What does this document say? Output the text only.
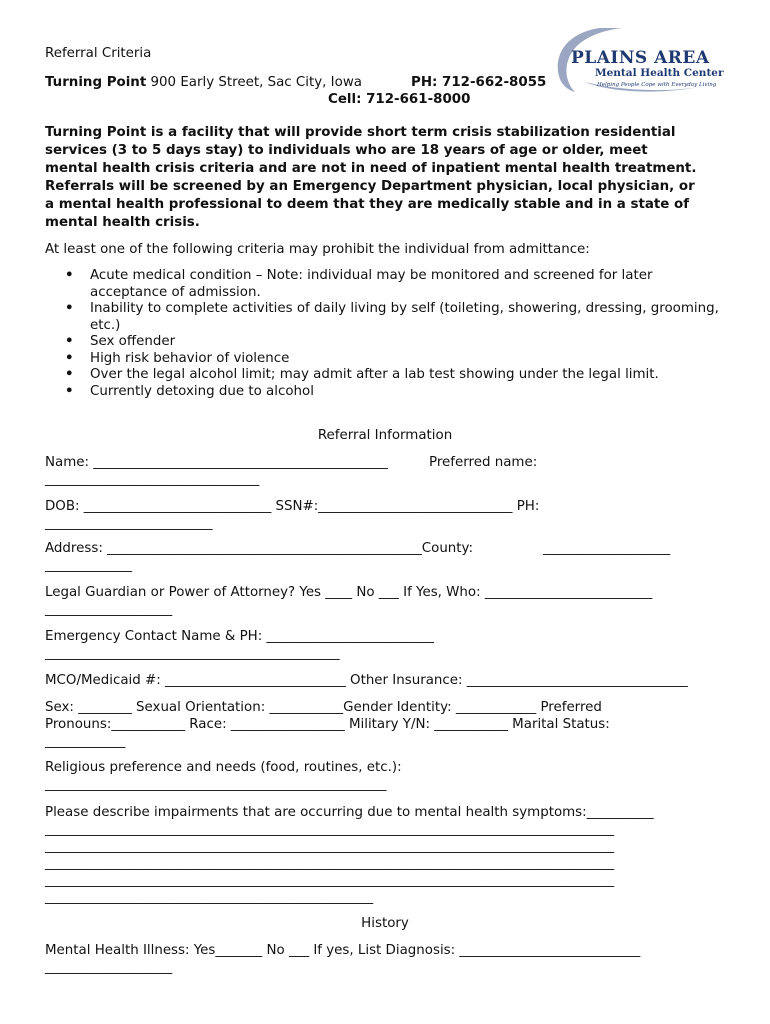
Referral Criteria
Turning Point 900 Early Street, Sac City, Iowa	PH: 712-662-8055
Cell: 712-661-8000
Turning Point is a facility that will provide short term crisis stabilization residential
services (3 to 5 days stay) to individuals who are 18 years of age or older, meet
mental health crisis criteria and are not in need of inpatient mental health treatment.
Referrals will be screened by an Emergency Department physician, local physician, or
a mental health professional to deem that they are medically stable and in a state of
mental health crisis.
At least one of the following criteria may prohibit the individual from admittance:
• Acute medical condition – Note: individual may be monitored and screened for later acceptance of admission.
• Inability to complete activities of daily living by self (toileting, showering, dressing, grooming, etc.)
• Sex offender
• High risk behavior of violence
• Over the legal alcohol limit; may admit after a lab test showing under the legal limit.
• Currently detoxing due to alcohol
Referral Information
Name: ____________________________________________	Preferred name:
________________________________
DOB: ____________________________ SSN#:_____________________________ PH:
_________________________
Address: _______________________________________________County:	___________________
_____________
Legal Guardian or Power of Attorney? Yes ____ No ___ If Yes, Who: _________________________
___________________
Emergency Contact Name & PH: _________________________
____________________________________________
MCO/Medicaid #: ___________________________ Other Insurance: _________________________________
Sex: ________ Sexual Orientation: ___________Gender Identity: ____________ Preferred
Pronouns:___________ Race: _________________ Military Y/N: ___________ Marital Status:
____________
Religious preference and needs (food, routines, etc.):
___________________________________________________
Please describe impairments that are occurring due to mental health symptoms:__________
_____________________________________________________________________________________
_____________________________________________________________________________________
_____________________________________________________________________________________
_____________________________________________________________________________________
_________________________________________________
History
Mental Health Illness: Yes_______ No ___ If yes, List Diagnosis: ___________________________
___________________
PLAINS AREA
Mental Health Center
Helping People Cope with Everyday Living
